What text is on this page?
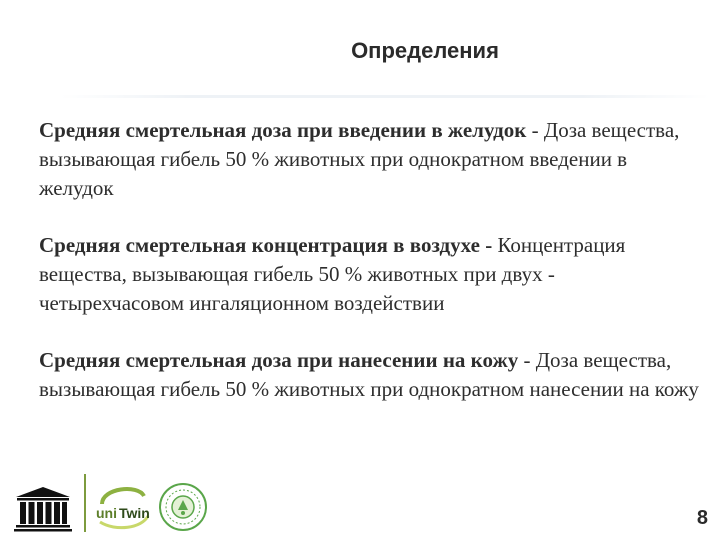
Определения

Средняя смертельная доза при введении в желудок - Доза вещества, вызывающая гибель 50 % животных при однократном введении в желудок

Средняя смертельная концентрация в воздухе - Концентрация вещества, вызывающая гибель 50 % животных при двух - четырехчасовом ингаляционном воздействии

Средняя смертельная доза при нанесении на кожу - Доза вещества, вызывающая гибель 50 % животных при однократном нанесении на кожу

uni Twin	8
